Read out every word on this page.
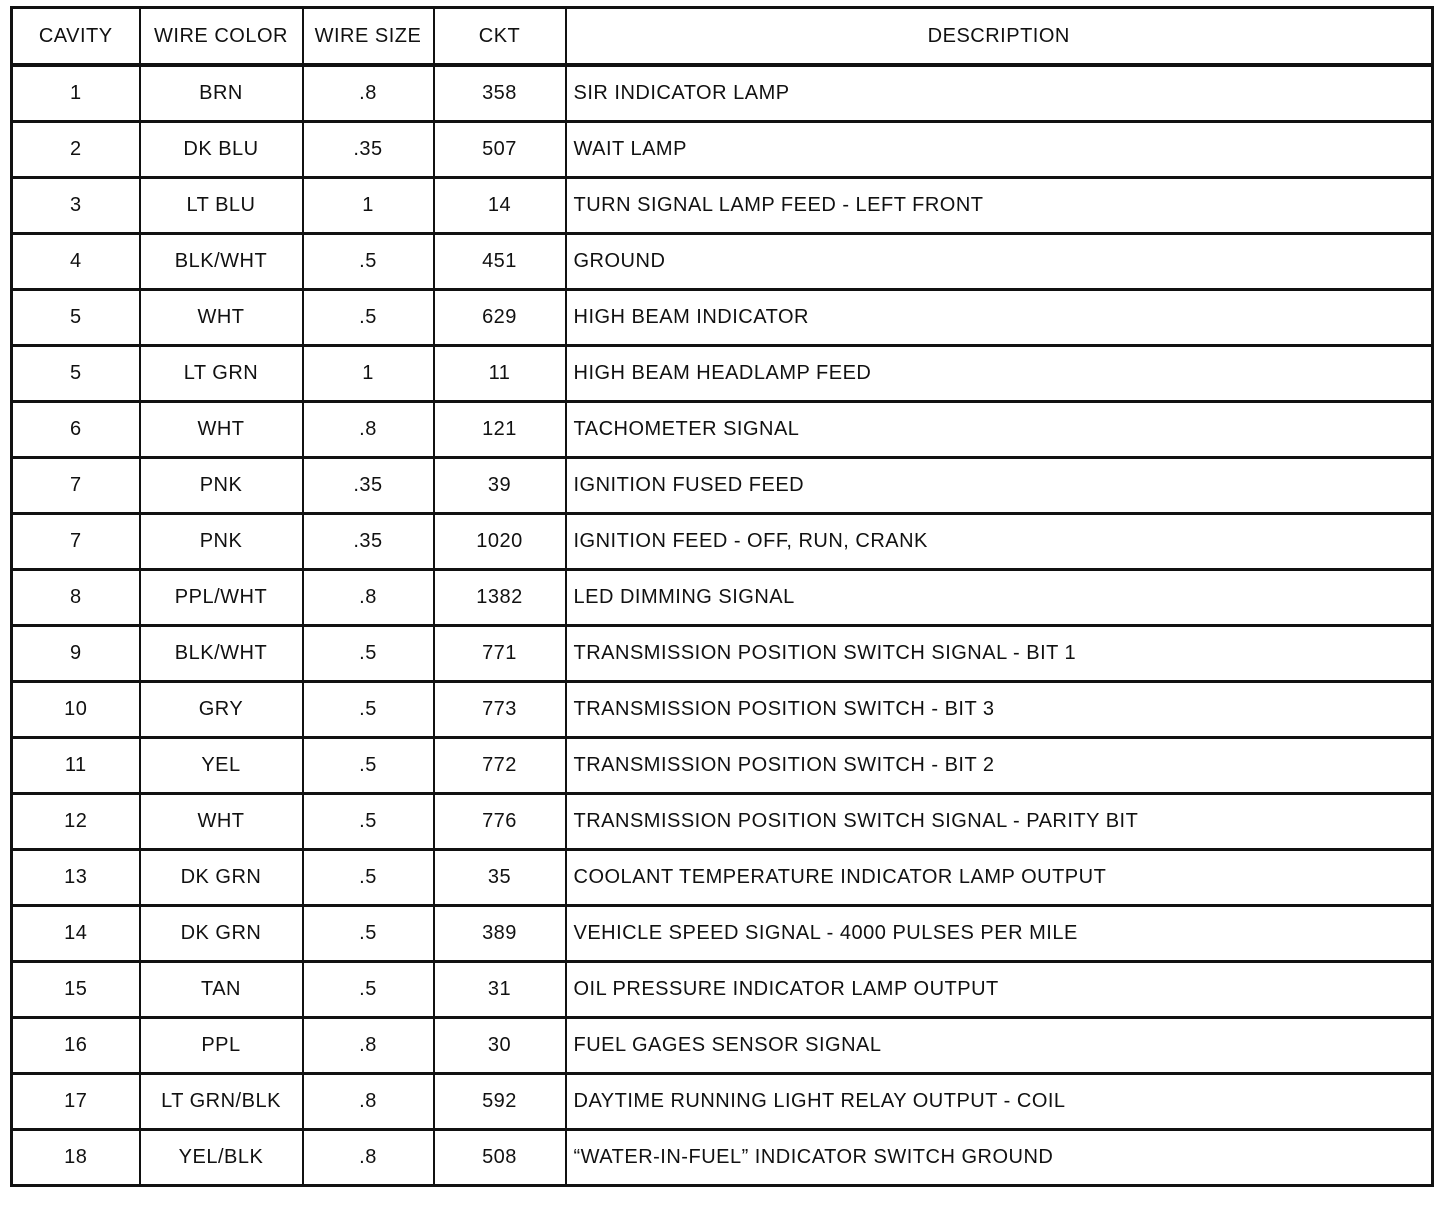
CAVITY	WIRE COLOR	WIRE SIZE	CKT	DESCRIPTION
1	BRN	.8	358	SIR INDICATOR LAMP
2	DK BLU	.35	507	WAIT LAMP
3	LT BLU	1	14	TURN SIGNAL LAMP FEED - LEFT FRONT
4	BLK/WHT	.5	451	GROUND
5	WHT	.5	629	HIGH BEAM INDICATOR
5	LT GRN	1	11	HIGH BEAM HEADLAMP FEED
6	WHT	.8	121	TACHOMETER SIGNAL
7	PNK	.35	39	IGNITION FUSED FEED
7	PNK	.35	1020	IGNITION FEED - OFF, RUN, CRANK
8	PPL/WHT	.8	1382	LED DIMMING SIGNAL
9	BLK/WHT	.5	771	TRANSMISSION POSITION SWITCH SIGNAL - BIT 1
10	GRY	.5	773	TRANSMISSION POSITION SWITCH - BIT 3
11	YEL	.5	772	TRANSMISSION POSITION SWITCH - BIT 2
12	WHT	.5	776	TRANSMISSION POSITION SWITCH SIGNAL - PARITY BIT
13	DK GRN	.5	35	COOLANT TEMPERATURE INDICATOR LAMP OUTPUT
14	DK GRN	.5	389	VEHICLE SPEED SIGNAL - 4000 PULSES PER MILE
15	TAN	.5	31	OIL PRESSURE INDICATOR LAMP OUTPUT
16	PPL	.8	30	FUEL GAGES SENSOR SIGNAL
17	LT GRN/BLK	.8	592	DAYTIME RUNNING LIGHT RELAY OUTPUT - COIL
18	YEL/BLK	.8	508	“WATER-IN-FUEL” INDICATOR SWITCH GROUND
